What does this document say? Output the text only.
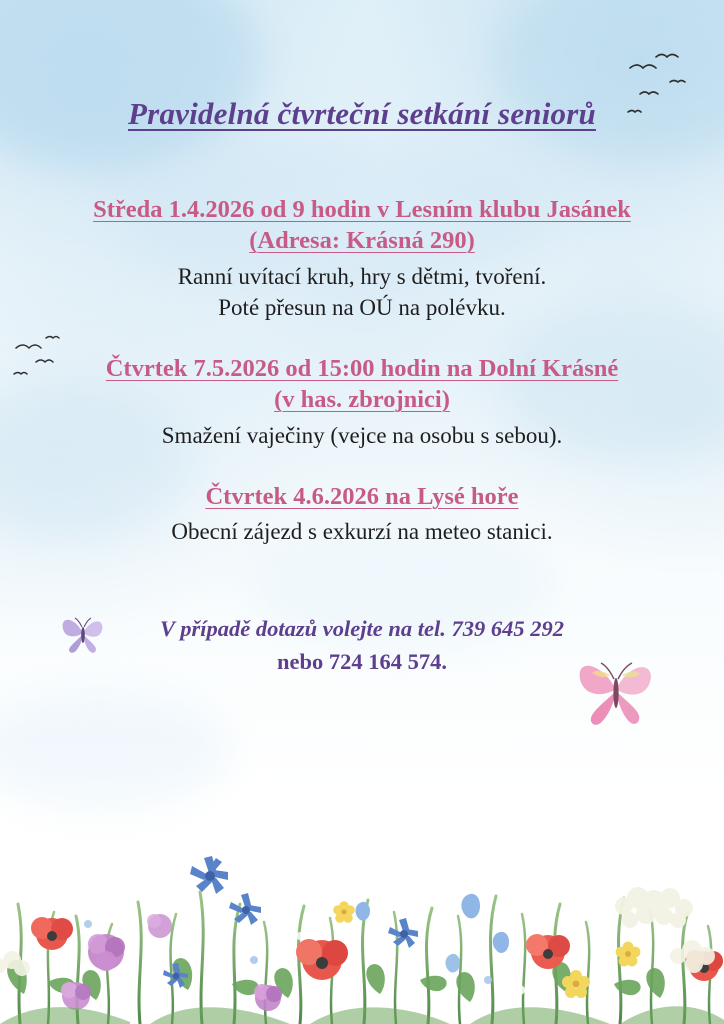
Pravidelná čtvrteční setkání seniorů
Středa 1.4.2026 od 9 hodin v Lesním klubu Jasánek
(Adresa: Krásná 290)
Ranní uvítací kruh, hry s dětmi, tvoření.
Poté přesun na OÚ na polévku.
Čtvrtek 7.5.2026 od 15:00 hodin na Dolní Krásné
(v has. zbrojnici)
Smažení vaječiny (vejce na osobu s sebou).
Čtvrtek 4.6.2026 na Lysé hoře
Obecní zájezd s exkurzí na meteo stanici.
V případě dotazů volejte na tel. 739 645 292
nebo 724 164 574.
